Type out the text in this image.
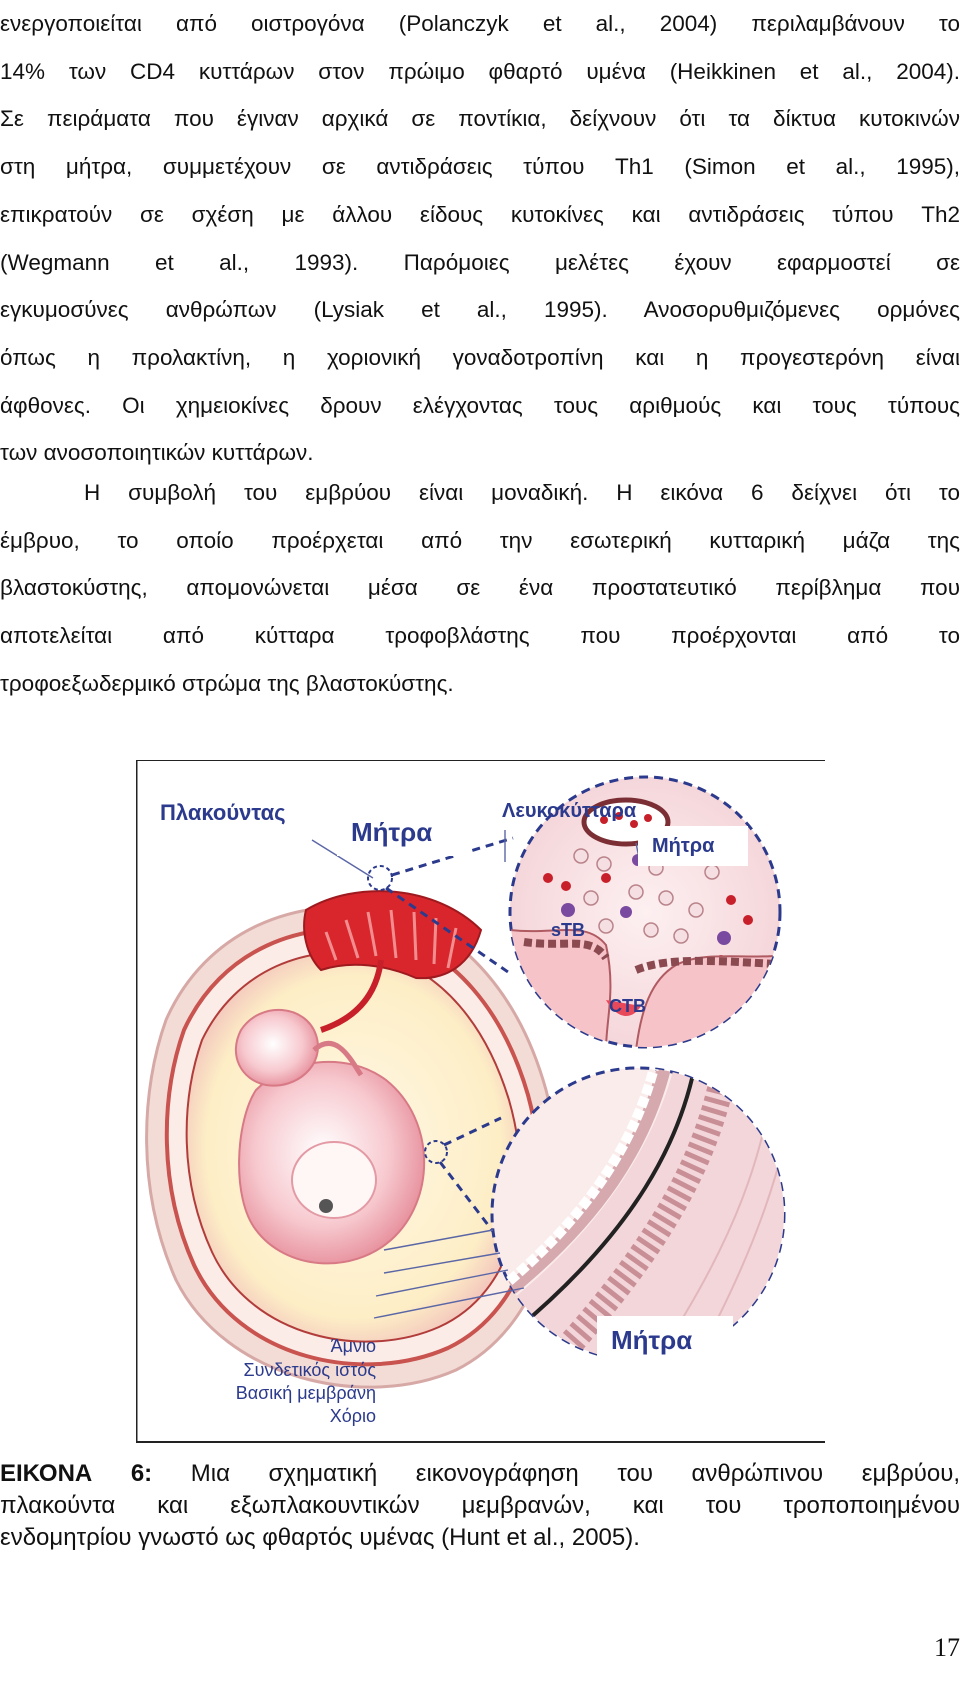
ενεργοποιείται από οιστρογόνα (Polanczyk et al., 2004) περιλαμβάνουν το
14% των CD4 κυττάρων στον πρώιμο φθαρτό υμένα (Heikkinen et al., 2004).
Σε πειράματα που έγιναν αρχικά σε ποντίκια, δείχνουν ότι τα δίκτυα κυτοκινών
στη μήτρα, συμμετέχουν σε αντιδράσεις τύπου Th1 (Simon et al., 1995),
επικρατούν σε σχέση με άλλου είδους κυτοκίνες και αντιδράσεις τύπου Th2
(Wegmann et al., 1993). Παρόμοιες μελέτες έχουν εφαρμοστεί σε
εγκυμοσύνες ανθρώπων (Lysiak et al., 1995). Ανοσορυθμιζόμενες ορμόνες
όπως η προλακτίνη, η χοριονική γοναδοτροπίνη και η προγεστερόνη είναι
άφθονες. Οι χημειοκίνες δρουν ελέγχοντας τους αριθμούς και τους τύπους
των ανοσοποιητικών κυττάρων.
Η συμβολή του εμβρύου είναι μοναδική. Η εικόνα 6 δείχνει ότι το
έμβρυο, το οποίο προέρχεται από την εσωτερική κυτταρική μάζα της
βλαστοκύστης, απομονώνεται μέσα σε ένα προστατευτικό περίβλημα που
αποτελείται από κύτταρα τροφοβλάστης που προέρχονται από το
τροφοεξωδερμικό στρώμα της βλαστοκύστης.
Πλακούντας
Μήτρα
Λευκοκύτταρα
Μήτρα
sTB
CTB
Μήτρα
Άμνιο
Συνδετικός ιστός
Βασική μεμβράνη
Χόριο
ΕΙΚΟΝΑ 6: Μια σχηματική εικονογράφηση του ανθρώπινου εμβρύου,
πλακούντα και εξωπλακουντικών μεμβρανών, και του τροποποιημένου
ενδομητρίου γνωστό ως φθαρτός υμένας (Hunt et al., 2005).
17
